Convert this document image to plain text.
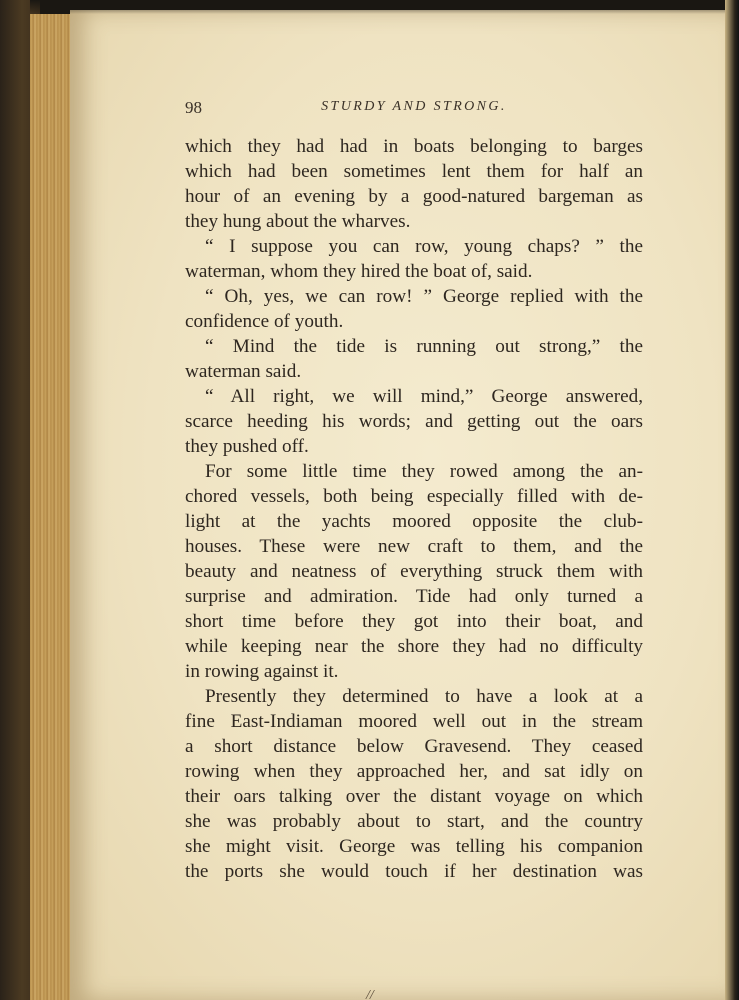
98	STURDY AND STRONG.
which they had had in boats belonging to barges
which had been sometimes lent them for half an
hour of an evening by a good-natured bargeman as
they hung about the wharves.
“ I suppose you can row, young chaps? ” the
waterman, whom they hired the boat of, said.
“ Oh, yes, we can row! ” George replied with the
confidence of youth.
“ Mind the tide is running out strong,” the
waterman said.
“ All right, we will mind,” George answered,
scarce heeding his words; and getting out the oars
they pushed off.
For some little time they rowed among the an-
chored vessels, both being especially filled with de-
light at the yachts moored opposite the club-
houses. These were new craft to them, and the
beauty and neatness of everything struck them with
surprise and admiration. Tide had only turned a
short time before they got into their boat, and
while keeping near the shore they had no difficulty
in rowing against it.
Presently they determined to have a look at a
fine East-Indiaman moored well out in the stream
a short distance below Gravesend. They ceased
rowing when they approached her, and sat idly on
their oars talking over the distant voyage on which
she was probably about to start, and the country
she might visit. George was telling his companion
the ports she would touch if her destination was
//
